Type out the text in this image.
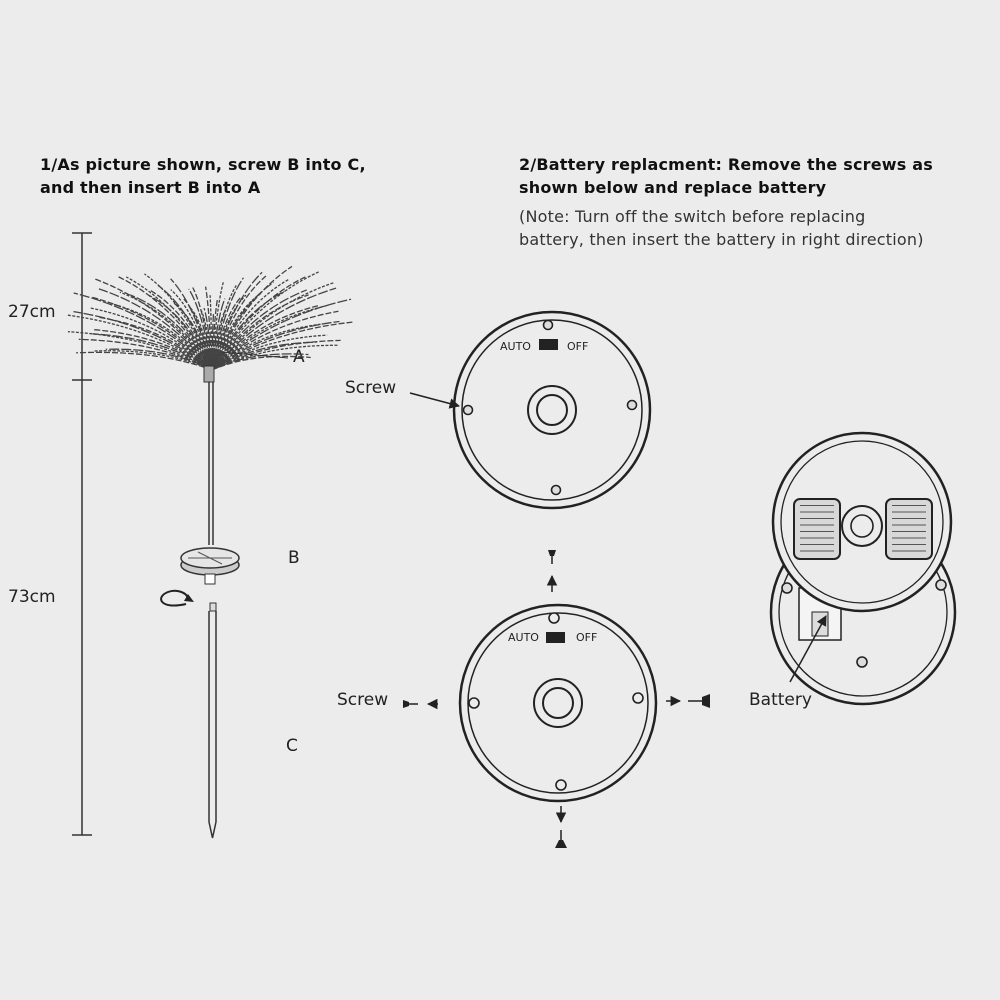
1/As picture shown, screw B into C,
and then insert B into A
2/Battery replacment: Remove the screws as
shown below and replace battery
(Note: Turn off the switch before replacing
battery, then insert the battery in right direction)
27cm
73cm
A
B
C
Screw
Screw	Battery
AUTO	OFF
AUTO	OFF
